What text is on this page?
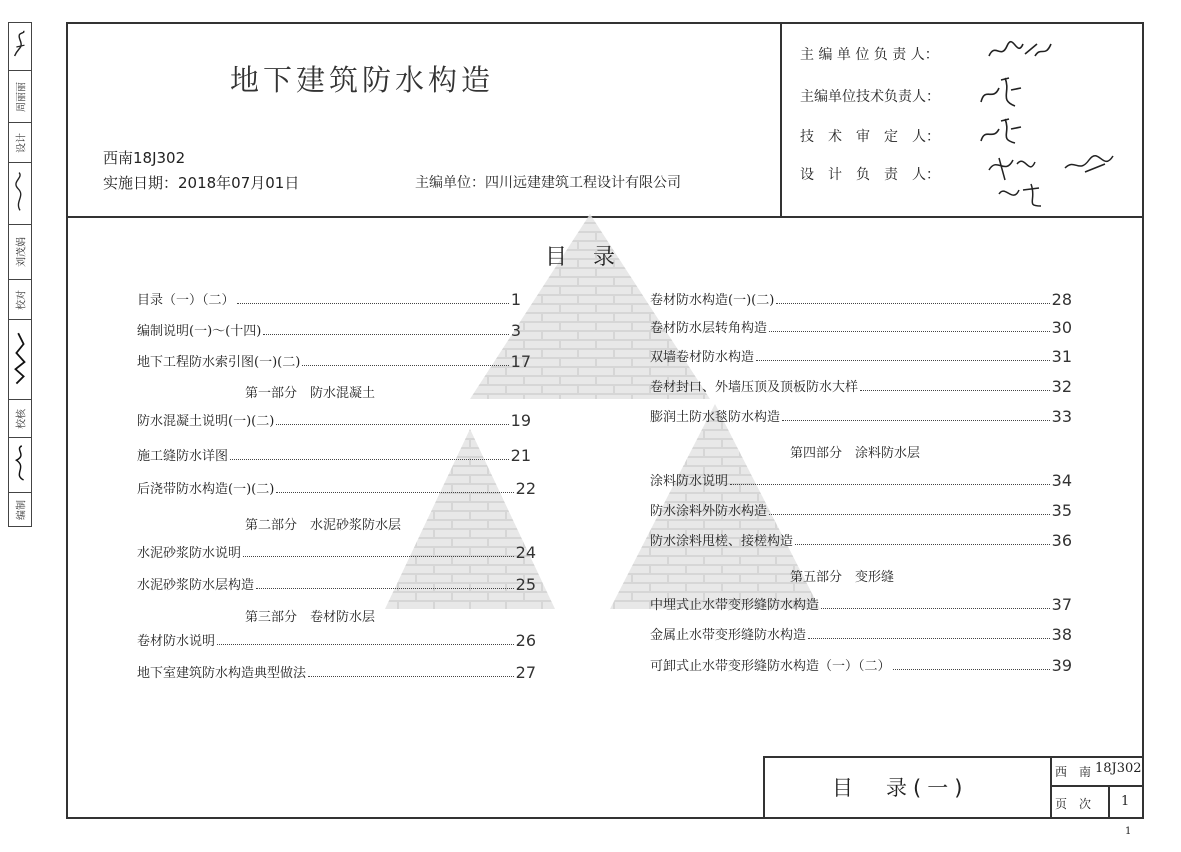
周丽丽
设计
刘茂娟
校对
校核
编制
地下建筑防水构造
西南18J302
实施日期：2018年07月01日	主编单位：四川远建建筑工程设计有限公司
主 编 单 位 负 责 人：
主编单位技术负责人：
技　术　审　定　人：
设　计　负　责　人：
目　录
目录（一）（二）	1
编制说明(一)～(十四)	3
地下工程防水索引图(一)(二)	17
第一部分　防水混凝土
防水混凝土说明(一)(二)	19
施工缝防水详图	21
后浇带防水构造(一)(二)	22
第二部分　水泥砂浆防水层
水泥砂浆防水说明	24
水泥砂浆防水层构造	25
第三部分　卷材防水层
卷材防水说明	26
地下室建筑防水构造典型做法	27
卷材防水构造(一)(二)	28
卷材防水层转角构造	30
双墙卷材防水构造	31
卷材封口、外墙压顶及顶板防水大样	32
膨润土防水毯防水构造	33
第四部分　涂料防水层
涂料防水说明	34
防水涂料外防水构造	35
防水涂料甩槎、接槎构造	36
第五部分　变形缝
中埋式止水带变形缝防水构造	37
金属止水带变形缝防水构造	38
可卸式止水带变形缝防水构造（一）（二）	39
目　录(一)
西　南 18J302
页　次 1
1
